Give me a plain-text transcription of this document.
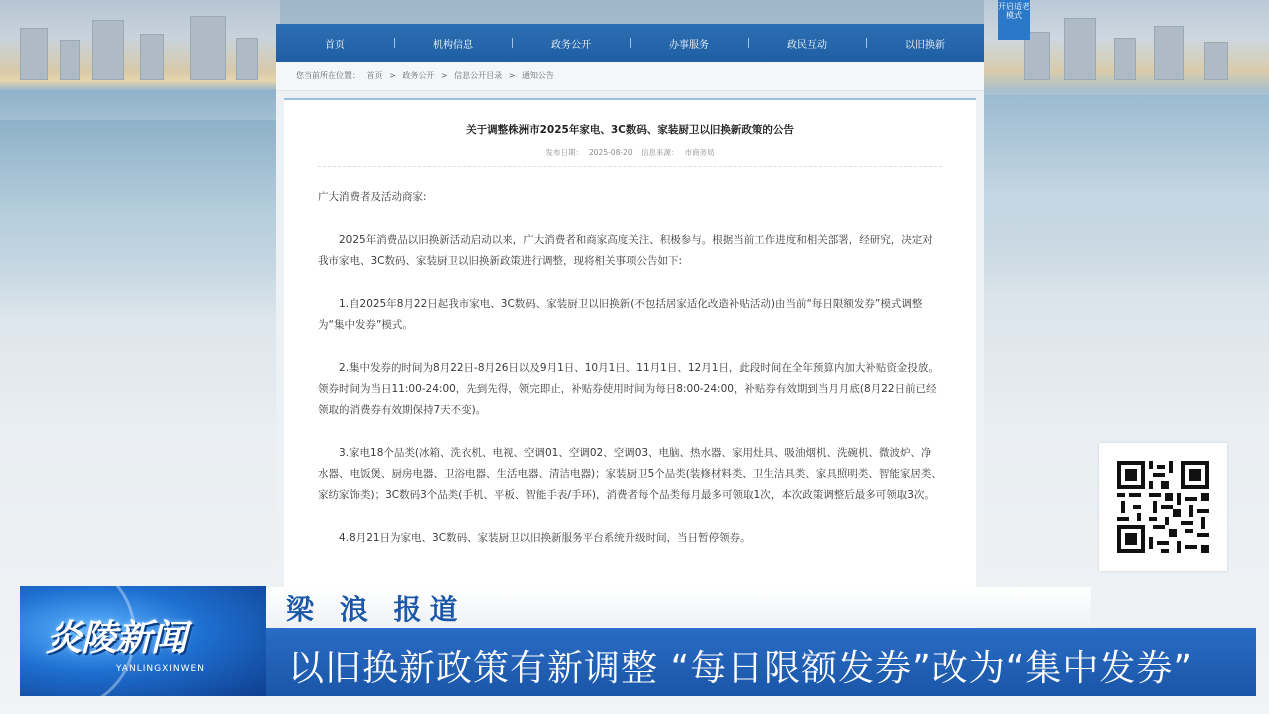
开启适老模式
首页	机构信息	政务公开	办事服务	政民互动	以旧换新
您当前所在位置： 首页 > 政务公开 > 信息公开目录 > 通知公告
关于调整株洲市2025年家电、3C数码、家装厨卫以旧换新政策的公告
发布日期： 2025-08-20 信息来源： 市商务局

广大消费者及活动商家:

2025年消费品以旧换新活动启动以来，广大消费者和商家高度关注、积极参与。根据当前工作进度和相关部署，经研究，决定对我市家电、3C数码、家装厨卫以旧换新政策进行调整，现将相关事项公告如下:

1.自2025年8月22日起我市家电、3C数码、家装厨卫以旧换新(不包括居家适化改造补贴活动)由当前“每日限额发券”模式调整为“集中发券”模式。

2.集中发券的时间为8月22日-8月26日以及9月1日、10月1日、11月1日、12月1日，此段时间在全年预算内加大补贴资金投放。领券时间为当日11:00-24:00，先到先得，领完即止，补贴券使用时间为每日8:00-24:00，补贴券有效期到当月月底(8月22日前已经领取的消费券有效期保持7天不变)。

3.家电18个品类(冰箱、洗衣机、电视、空调01、空调02、空调03、电脑、热水器、家用灶具、吸油烟机、洗碗机、微波炉、净水器、电饭煲、厨房电器、卫浴电器、生活电器、清洁电器)；家装厨卫5个品类(装修材料类、卫生洁具类、家具照明类、智能家居类、家纺家饰类)；3C数码3个品类(手机、平板、智能手表/手环)，消费者每个品类每月最多可领取1次，本次政策调整后最多可领取3次。

4.8月21日为家电、3C数码、家装厨卫以旧换新服务平台系统升级时间，当日暂停领券。

梁 浪 报道
以旧换新政策有新调整 “每日限额发券”改为“集中发券”
炎陵新闻
YANLINGXINWEN
